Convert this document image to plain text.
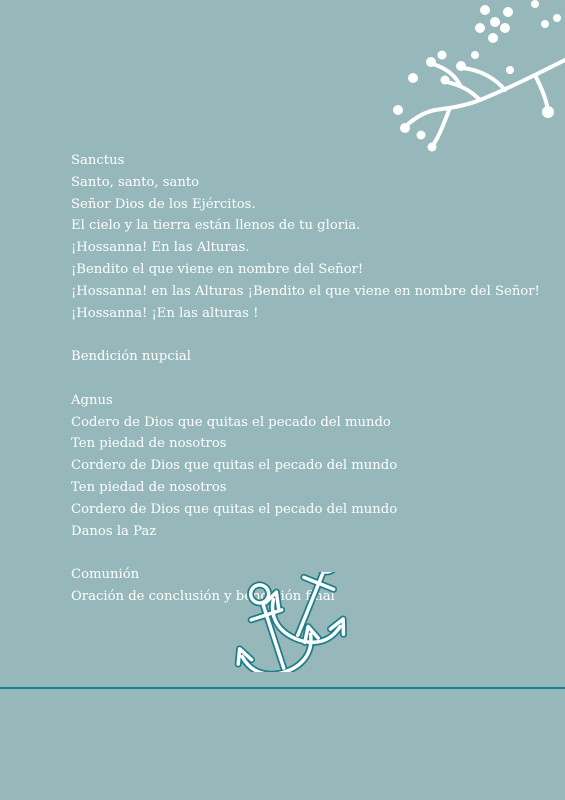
Sanctus
Santo, santo, santo
Señor Dios de los Ejércitos.
El cielo y la tierra están llenos de tu gloria.
¡Hossanna! En las Alturas.
¡Bendito el que viene en nombre del Señor!
¡Hossanna! en las Alturas ¡Bendito el que viene en nombre del Señor!
¡Hossanna! ¡En las alturas !
Bendición nupcial
Agnus
Codero de Dios que quitas el pecado del mundo
Ten piedad de nosotros
Cordero de Dios que quitas el pecado del mundo
Ten piedad de nosotros
Cordero de Dios que quitas el pecado del mundo
Danos la Paz
Comunión
Oración de conclusión y bendición final
